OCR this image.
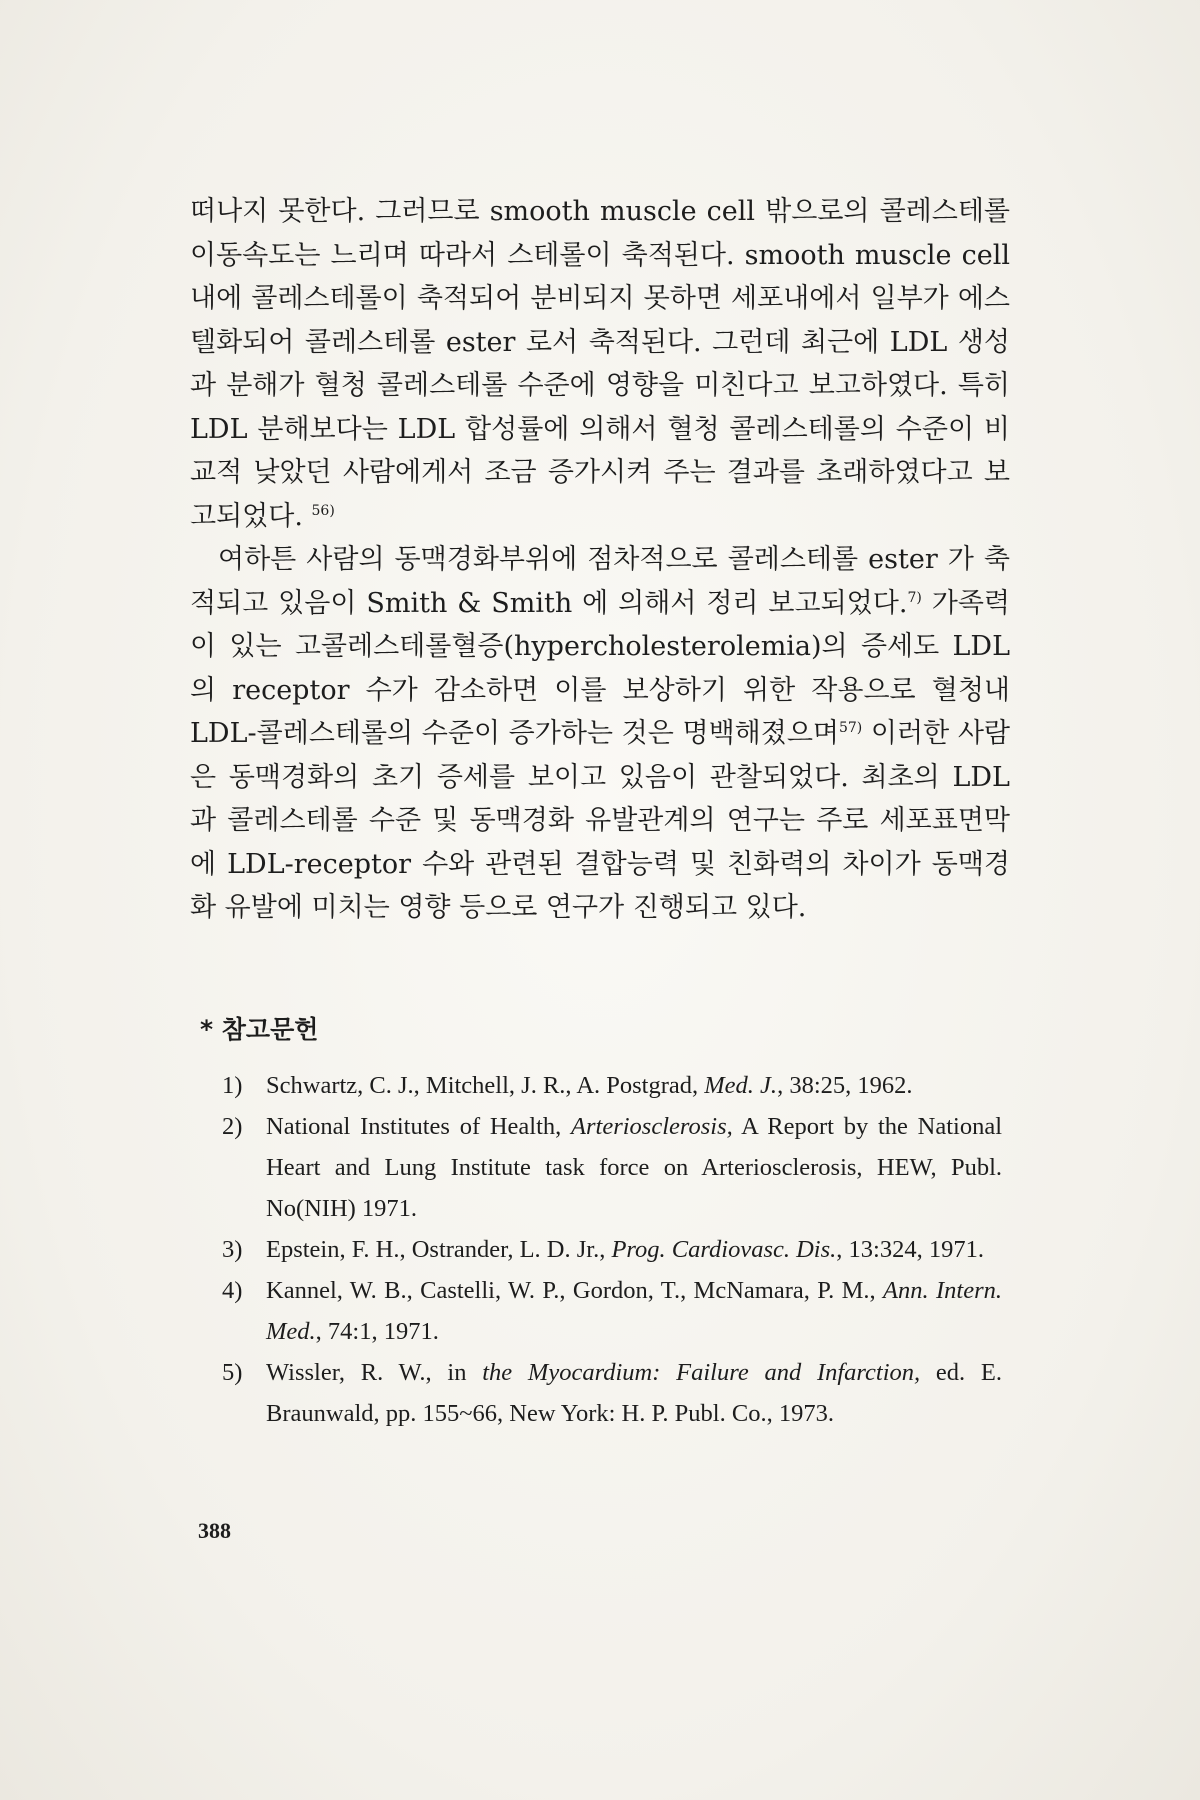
떠나지 못한다. 그러므로 smooth muscle cell 밖으로의 콜레스테롤 이동속도는 느리며 따라서 스테롤이 축적된다. smooth muscle cell 내에 콜레스테롤이 축적되어 분비되지 못하면 세포내에서 일부가 에스텔화되어 콜레스테롤 ester 로서 축적된다. 그런데 최근에 LDL 생성과 분해가 혈청 콜레스테롤 수준에 영향을 미친다고 보고하였다. 특히 LDL 분해보다는 LDL 합성률에 의해서 혈청 콜레스테롤의 수준이 비교적 낮았던 사람에게서 조금 증가시켜 주는 결과를 초래하였다고 보고되었다. $^{56)}$

여하튼 사람의 동맥경화부위에 점차적으로 콜레스테롤 ester 가 축적되고 있음이 Smith & Smith 에 의해서 정리 보고되었다.$^{7)}$ 가족력이 있는 고콜레스테롤혈증(hypercholesterolemia)의 증세도 LDL 의 receptor 수가 감소하면 이를 보상하기 위한 작용으로 혈청내 LDL-콜레스테롤의 수준이 증가하는 것은 명백해졌으며$^{57)}$ 이러한 사람은 동맥경화의 초기 증세를 보이고 있음이 관찰되었다. 최초의 LDL 과 콜레스테롤 수준 및 동맥경화 유발관계의 연구는 주로 세포표면막에 LDL-receptor 수와 관련된 결합능력 및 친화력의 차이가 동맥경화 유발에 미치는 영향 등으로 연구가 진행되고 있다.

* 참고문헌
1) Schwartz, C. J., Mitchell, J. R., A. Postgrad, Med. J., 38:25, 1962.
2) National Institutes of Health, Arteriosclerosis, A Report by the National Heart and Lung Institute task force on Arteriosclerosis, HEW, Publ. No(NIH) 1971.
3) Epstein, F. H., Ostrander, L. D. Jr., Prog. Cardiovasc. Dis., 13:324, 1971.
4) Kannel, W. B., Castelli, W. P., Gordon, T., McNamara, P. M., Ann. Intern. Med., 74:1, 1971.
5) Wissler, R. W., in the Myocardium: Failure and Infarction, ed. E. Braunwald, pp. 155~66, New York: H. P. Publ. Co., 1973.
388
